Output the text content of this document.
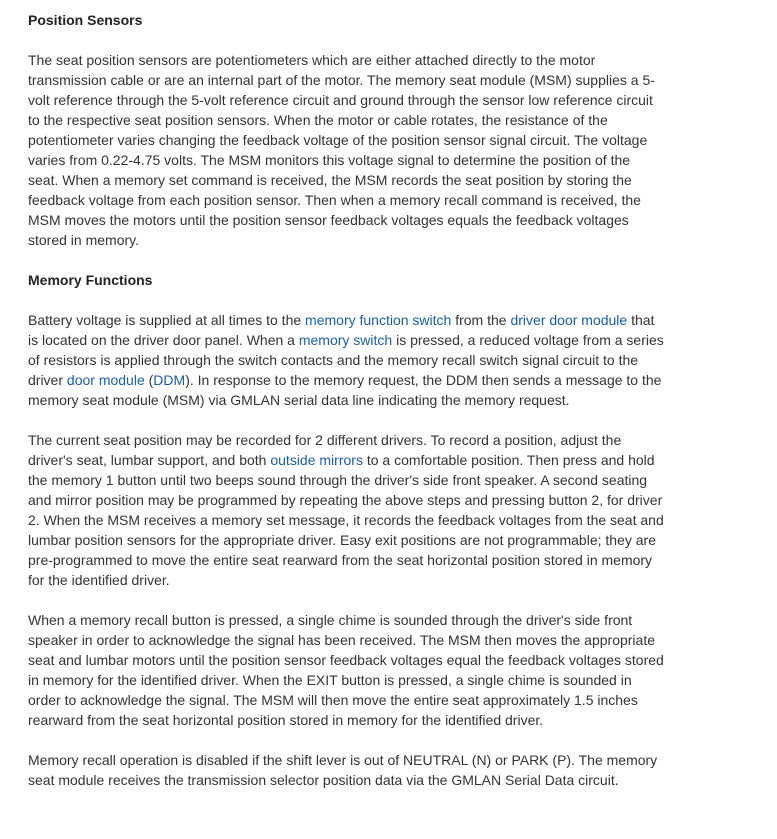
Position Sensors

The seat position sensors are potentiometers which are either attached directly to the motor transmission cable or are an internal part of the motor. The memory seat module (MSM) supplies a 5-volt reference through the 5-volt reference circuit and ground through the sensor low reference circuit to the respective seat position sensors. When the motor or cable rotates, the resistance of the potentiometer varies changing the feedback voltage of the position sensor signal circuit. The voltage varies from 0.22-4.75 volts. The MSM monitors this voltage signal to determine the position of the seat. When a memory set command is received, the MSM records the seat position by storing the feedback voltage from each position sensor. Then when a memory recall command is received, the MSM moves the motors until the position sensor feedback voltages equals the feedback voltages stored in memory.

Memory Functions

Battery voltage is supplied at all times to the memory function switch from the driver door module that is located on the driver door panel. When a memory switch is pressed, a reduced voltage from a series of resistors is applied through the switch contacts and the memory recall switch signal circuit to the driver door module (DDM). In response to the memory request, the DDM then sends a message to the memory seat module (MSM) via GMLAN serial data line indicating the memory request.

The current seat position may be recorded for 2 different drivers. To record a position, adjust the driver's seat, lumbar support, and both outside mirrors to a comfortable position. Then press and hold the memory 1 button until two beeps sound through the driver's side front speaker. A second seating and mirror position may be programmed by repeating the above steps and pressing button 2, for driver 2. When the MSM receives a memory set message, it records the feedback voltages from the seat and lumbar position sensors for the appropriate driver. Easy exit positions are not programmable; they are pre-programmed to move the entire seat rearward from the seat horizontal position stored in memory for the identified driver.

When a memory recall button is pressed, a single chime is sounded through the driver's side front speaker in order to acknowledge the signal has been received. The MSM then moves the appropriate seat and lumbar motors until the position sensor feedback voltages equal the feedback voltages stored in memory for the identified driver. When the EXIT button is pressed, a single chime is sounded in order to acknowledge the signal. The MSM will then move the entire seat approximately 1.5 inches rearward from the seat horizontal position stored in memory for the identified driver.

Memory recall operation is disabled if the shift lever is out of NEUTRAL (N) or PARK (P). The memory seat module receives the transmission selector position data via the GMLAN Serial Data circuit.
